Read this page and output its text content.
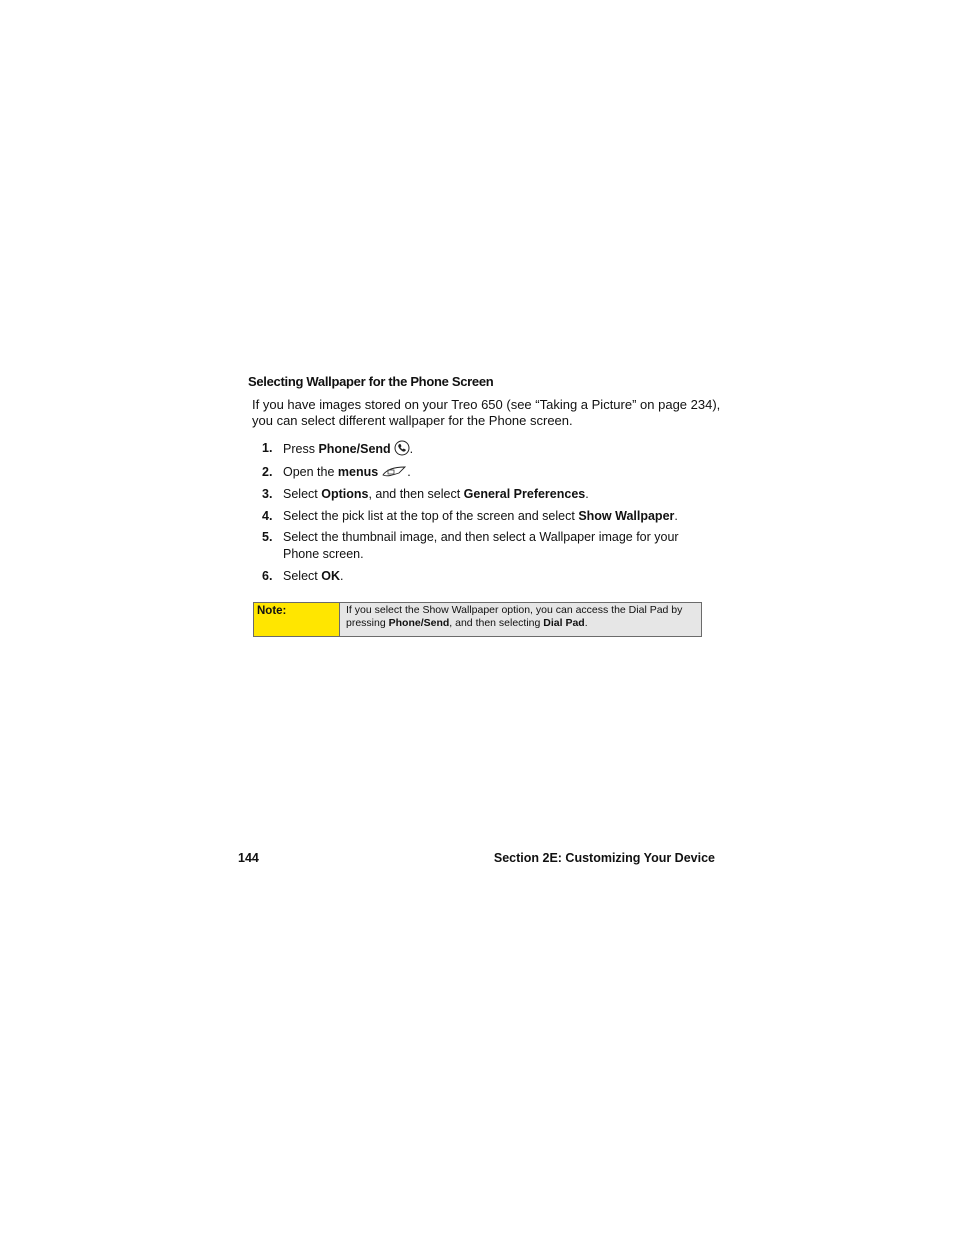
Selecting Wallpaper for the Phone Screen
If you have images stored on your Treo 650 (see “Taking a Picture” on page 234),
you can select different wallpaper for the Phone screen.
1. Press Phone/Send .
2. Open the menus .
3. Select Options, and then select General Preferences.
4. Select the pick list at the top of the screen and select Show Wallpaper.
5. Select the thumbnail image, and then select a Wallpaper image for your
Phone screen.
6. Select OK.
Note:	If you select the Show Wallpaper option, you can access the Dial Pad by
pressing Phone/Send, and then selecting Dial Pad.
144	Section 2E: Customizing Your Device
